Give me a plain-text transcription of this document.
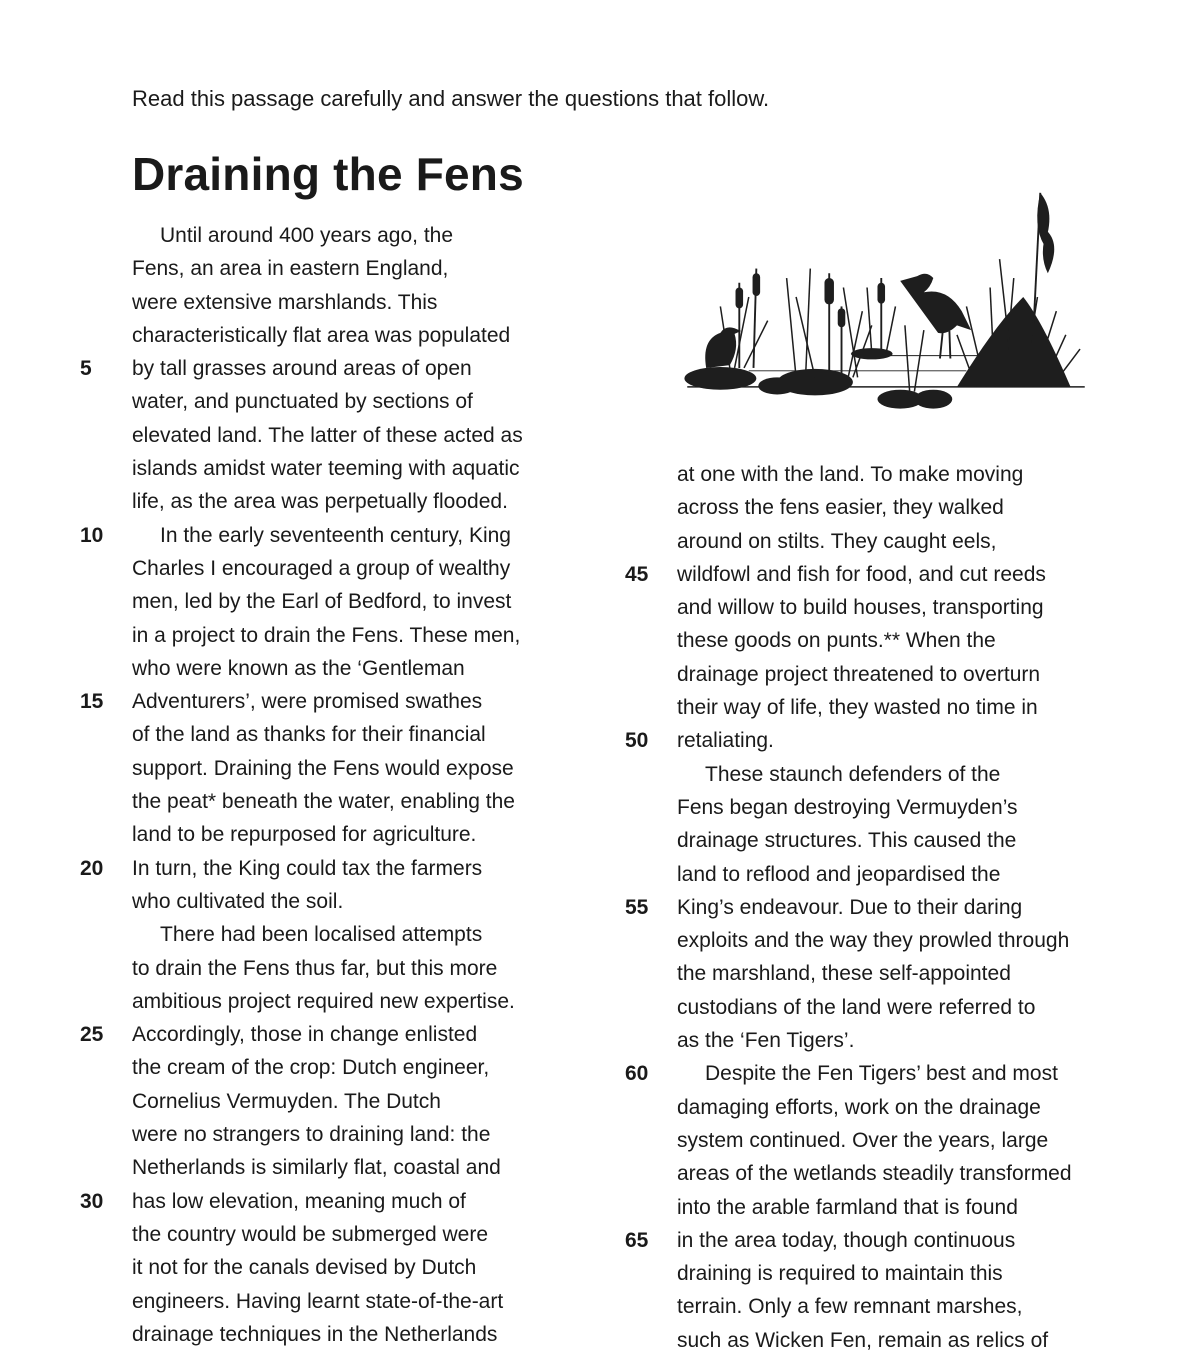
Read this passage carefully and answer the questions that follow.

Draining the Fens
Until around 400 years ago, the
Fens, an area in eastern England,
were extensive marshlands. This
characteristically flat area was populated
5	by tall grasses around areas of open
water, and punctuated by sections of
elevated land. The latter of these acted as
islands amidst water teeming with aquatic
life, as the area was perpetually flooded.
10	In the early seventeenth century, King
Charles I encouraged a group of wealthy
men, led by the Earl of Bedford, to invest
in a project to drain the Fens. These men,
who were known as the ‘Gentleman
15	Adventurers’, were promised swathes
of the land as thanks for their financial
support. Draining the Fens would expose
the peat* beneath the water, enabling the
land to be repurposed for agriculture.
20	In turn, the King could tax the farmers
who cultivated the soil.
There had been localised attempts
to drain the Fens thus far, but this more
ambitious project required new expertise.
25	Accordingly, those in change enlisted
the cream of the crop: Dutch engineer,
Cornelius Vermuyden. The Dutch
were no strangers to draining land: the
Netherlands is similarly flat, coastal and
30	has low elevation, meaning much of
the country would be submerged were
it not for the canals devised by Dutch
engineers. Having learnt state-of-the-art
drainage techniques in the Netherlands
at one with the land. To make moving
across the fens easier, they walked
around on stilts. They caught eels,
45	wildfowl and fish for food, and cut reeds
and willow to build houses, transporting
these goods on punts.** When the
drainage project threatened to overturn
their way of life, they wasted no time in
50	retaliating.
These staunch defenders of the
Fens began destroying Vermuyden’s
drainage structures. This caused the
land to reflood and jeopardised the
55	King’s endeavour. Due to their daring
exploits and the way they prowled through
the marshland, these self-appointed
custodians of the land were referred to
as the ‘Fen Tigers’.
60	Despite the Fen Tigers’ best and most
damaging efforts, work on the drainage
system continued. Over the years, large
areas of the wetlands steadily transformed
into the arable farmland that is found
65	in the area today, though continuous
draining is required to maintain this
terrain. Only a few remnant marshes,
such as Wicken Fen, remain as relics of
